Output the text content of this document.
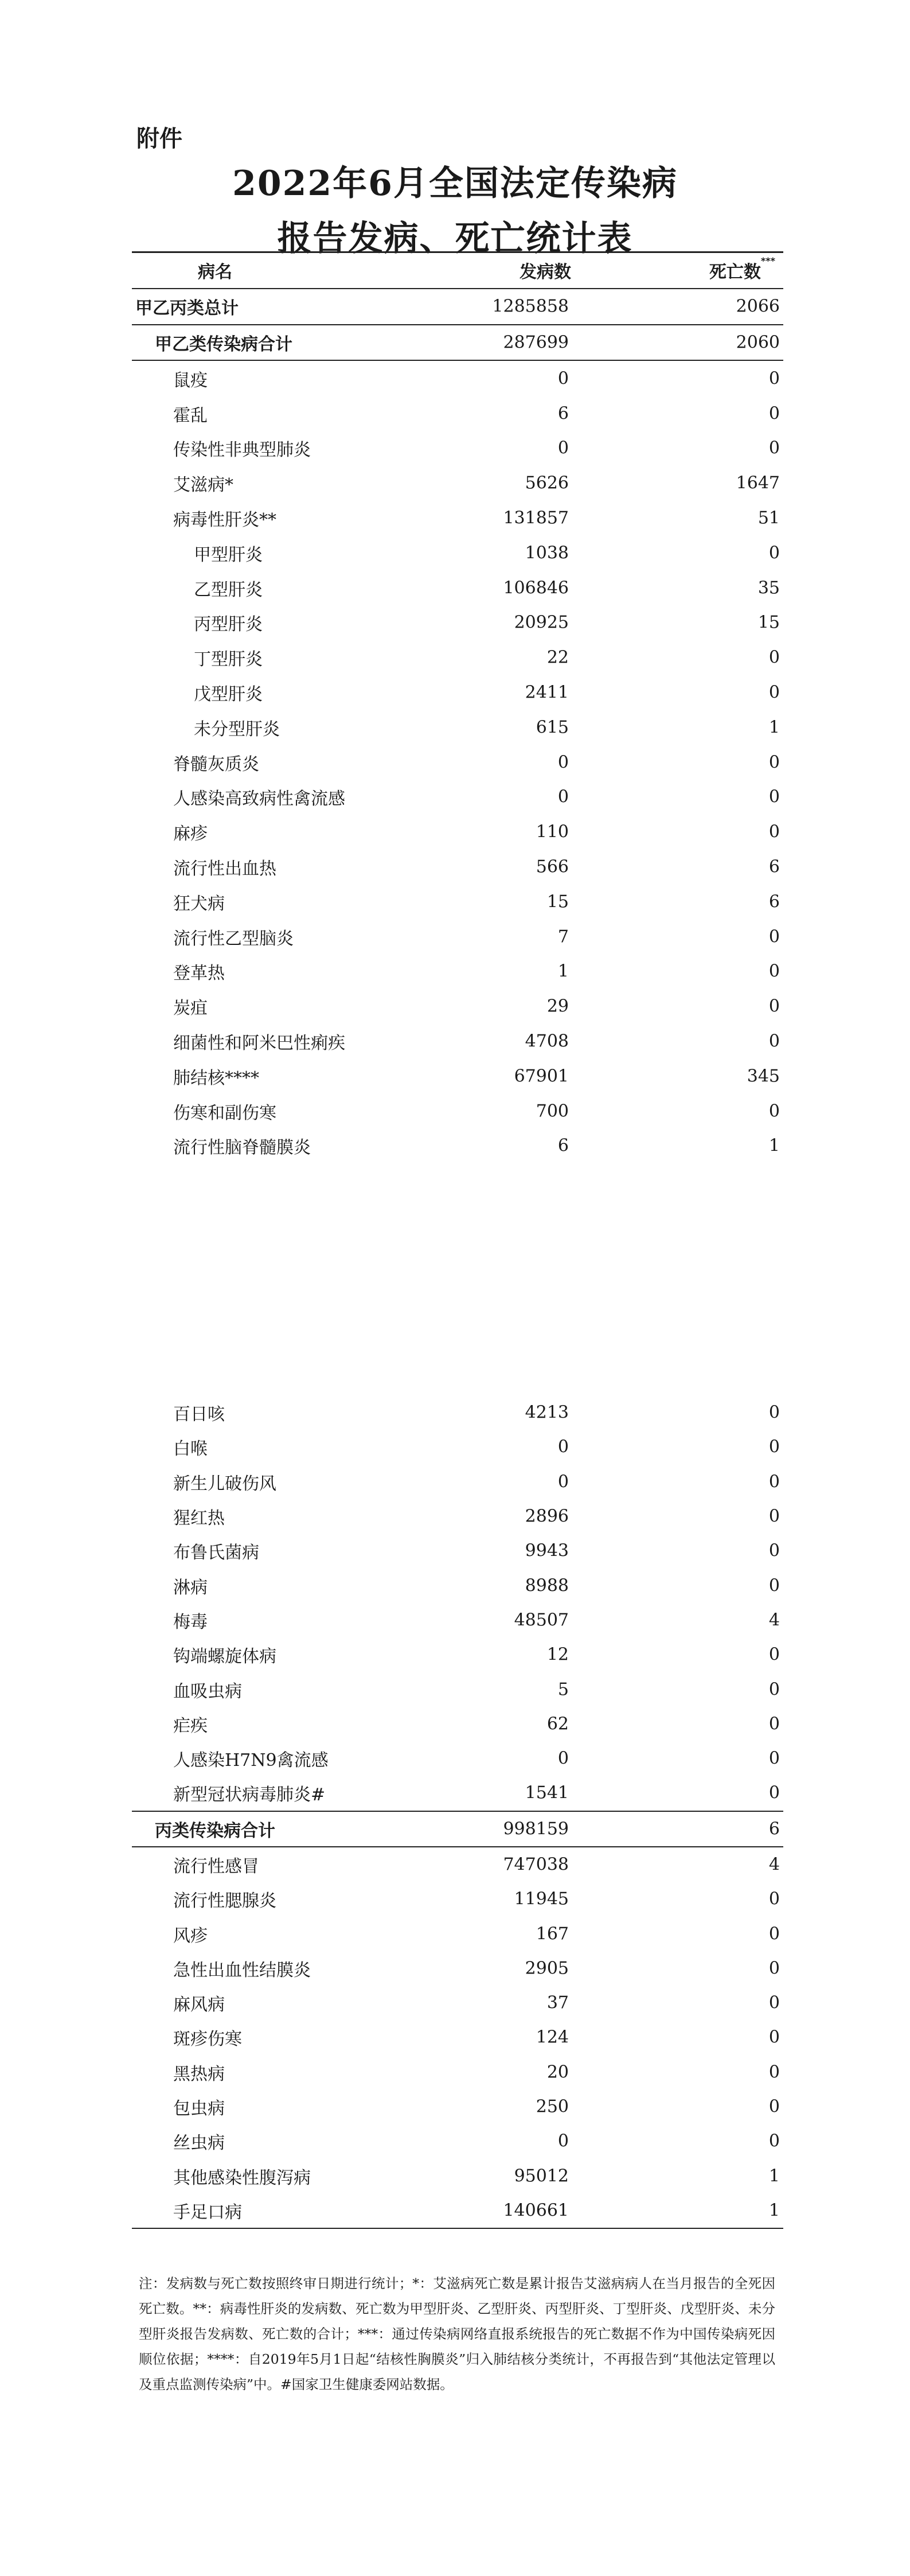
附件
2022年6月全国法定传染病
报告发病、死亡统计表
病名	发病数	死亡数***
甲乙丙类总计	1285858	2066
甲乙类传染病合计	287699	2060
鼠疫	0	0
霍乱	6	0
传染性非典型肺炎	0	0
艾滋病*	5626	1647
病毒性肝炎**	131857	51
甲型肝炎	1038	0
乙型肝炎	106846	35
丙型肝炎	20925	15
丁型肝炎	22	0
戊型肝炎	2411	0
未分型肝炎	615	1
脊髓灰质炎	0	0
人感染高致病性禽流感	0	0
麻疹	110	0
流行性出血热	566	6
狂犬病	15	6
流行性乙型脑炎	7	0
登革热	1	0
炭疽	29	0
细菌性和阿米巴性痢疾	4708	0
肺结核****	67901	345
伤寒和副伤寒	700	0
流行性脑脊髓膜炎	6	1
百日咳	4213	0
白喉	0	0
新生儿破伤风	0	0
猩红热	2896	0
布鲁氏菌病	9943	0
淋病	8988	0
梅毒	48507	4
钩端螺旋体病	12	0
血吸虫病	5	0
疟疾	62	0
人感染H7N9禽流感	0	0
新型冠状病毒肺炎#	1541	0
丙类传染病合计	998159	6
流行性感冒	747038	4
流行性腮腺炎	11945	0
风疹	167	0
急性出血性结膜炎	2905	0
麻风病	37	0
斑疹伤寒	124	0
黑热病	20	0
包虫病	250	0
丝虫病	0	0
其他感染性腹泻病	95012	1
手足口病	140661	1
注：发病数与死亡数按照终审日期进行统计；*：艾滋病死亡数是累计报告艾滋病病人在当月报告的全死因死亡数。**：病毒性肝炎的发病数、死亡数为甲型肝炎、乙型肝炎、丙型肝炎、丁型肝炎、戊型肝炎、未分型肝炎报告发病数、死亡数的合计；***：通过传染病网络直报系统报告的死亡数据不作为中国传染病死因顺位依据；****：自2019年5月1日起“结核性胸膜炎”归入肺结核分类统计，不再报告到“其他法定管理以及重点监测传染病”中。#国家卫生健康委网站数据。
